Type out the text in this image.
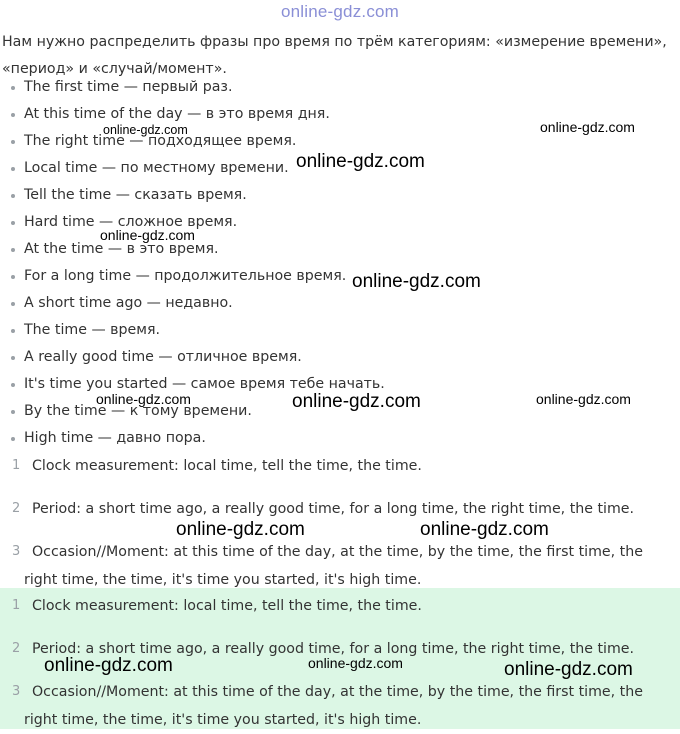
online-gdz.com

Нам нужно распределить фразы про время по трём категориям: «измерение времени», «период» и «случай/момент».

The first time — первый раз.
At this time of the day — в это время дня.
The right time — подходящее время.
Local time — по местному времени.
Tell the time — сказать время.
Hard time — сложное время.
At the time — в это время.
For a long time — продолжительное время.
A short time ago — недавно.
The time — время.
A really good time — отличное время.
It's time you started — самое время тебе начать.
By the time — к тому времени.
High time — давно пора.
1 Clock measurement: local time, tell the time, the time.
2 Period: a short time ago, a really good time, for a long time, the right time, the time.
3 Occasion//Moment: at this time of the day, at the time, by the time, the first time, the
right time, the time, it's time you started, it's high time.
1 Clock measurement: local time, tell the time, the time.
2 Period: a short time ago, a really good time, for a long time, the right time, the time.
3 Occasion//Moment: at this time of the day, at the time, by the time, the first time, the
right time, the time, it's time you started, it's high time.
online-gdz.com	online-gdz.com
online-gdz.com
online-gdz.com
online-gdz.com
online-gdz.com	online-gdz.com	online-gdz.com
online-gdz.com	online-gdz.com
online-gdz.com	online-gdz.com	online-gdz.com
